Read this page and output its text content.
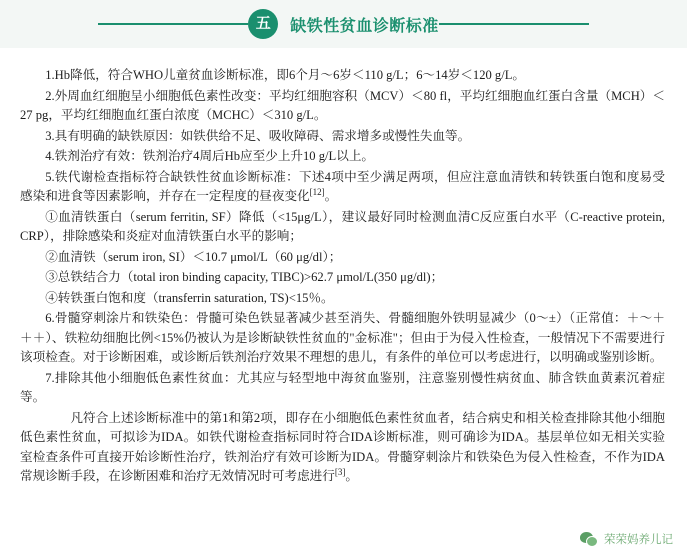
五	缺铁性贫血诊断标准

1.Hb降低，符合WHO儿童贫血诊断标准，即6个月～6岁＜110 g/L；6～14岁＜120 g/L。

2.外周血红细胞呈小细胞低色素性改变：平均红细胞容积（MCV）＜80 fl，平均红细胞血红蛋白含量（MCH）＜27 pg，平均红细胞血红蛋白浓度（MCHC）＜310 g/L。

3.具有明确的缺铁原因：如铁供给不足、吸收障碍、需求增多或慢性失血等。

4.铁剂治疗有效：铁剂治疗4周后Hb应至少上升10 g/L以上。

5.铁代谢检查指标符合缺铁性贫血诊断标准：下述4项中至少满足两项，但应注意血清铁和转铁蛋白饱和度易受感染和进食等因素影响，并存在一定程度的昼夜变化[12]。

①血清铁蛋白（serum ferritin, SF）降低（<15μg/L），建议最好同时检测血清C反应蛋白水平（C-reactive protein, CRP），排除感染和炎症对血清铁蛋白水平的影响；

②血清铁（serum iron, SI）＜10.7 μmol/L（60 μg/dl）；

③总铁结合力（total iron binding capacity, TIBC)>62.7 μmol/L(350 μg/dl)；

④转铁蛋白饱和度（transferrin saturation, TS)<15％。

6.骨髓穿刺涂片和铁染色：骨髓可染色铁显著减少甚至消失、骨髓细胞外铁明显减少（0～±）（正常值：＋～＋＋＋）、铁粒幼细胞比例<15%仍被认为是诊断缺铁性贫血的"金标准"；但由于为侵入性检查，一般情况下不需要进行该项检查。对于诊断困难，或诊断后铁剂治疗效果不理想的患儿，有条件的单位可以考虑进行，以明确或鉴别诊断。

7.排除其他小细胞低色素性贫血：尤其应与轻型地中海贫血鉴别，注意鉴别慢性病贫血、肺含铁血黄素沉着症等。

凡符合上述诊断标准中的第1和第2项，即存在小细胞低色素性贫血者，结合病史和相关检查排除其他小细胞低色素性贫血，可拟诊为IDA。如铁代谢检查指标同时符合IDA诊断标准，则可确诊为IDA。基层单位如无相关实验室检查条件可直接开始诊断性治疗，铁剂治疗有效可诊断为IDA。骨髓穿刺涂片和铁染色为侵入性检查，不作为IDA常规诊断手段，在诊断困难和治疗无效情况时可考虑进行[3]。

荣荣妈养儿记
